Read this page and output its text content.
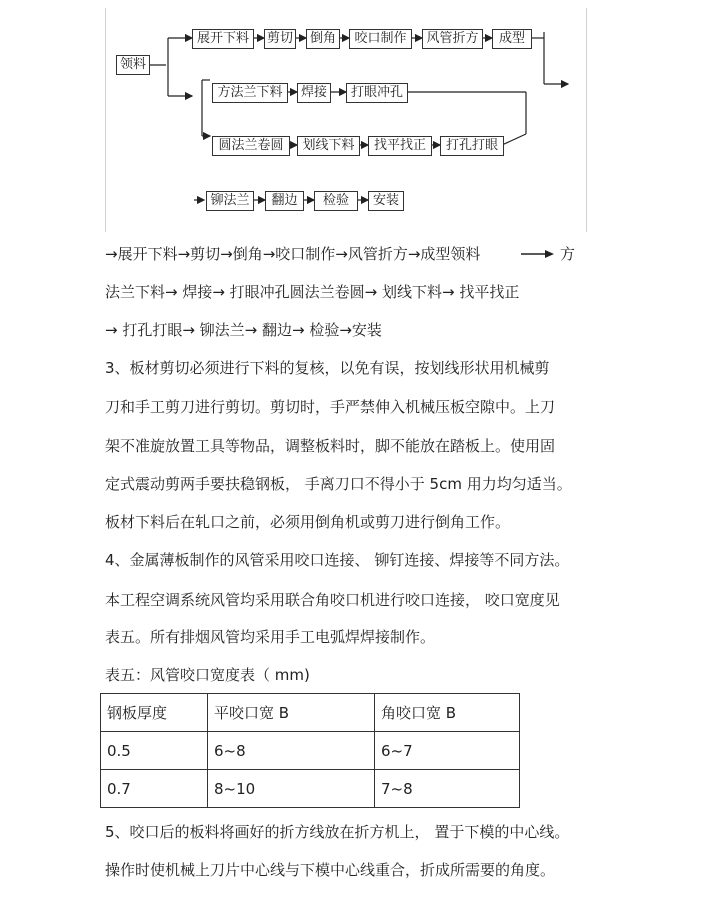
领料
展开下料	剪切	倒角	咬口制作	风管折方	成型
方法兰下料	焊接	打眼冲孔
圆法兰卷圆	划线下料	找平找正	打孔打眼
铆法兰	翻边	检验	安装
→展开下料→剪切→倒角→咬口制作→风管折方→成型领料	方
法兰下料→ 焊接→ 打眼冲孔圆法兰卷圆→ 划线下料→ 找平找正
→ 打孔打眼→ 铆法兰→ 翻边→ 检验→安装
3、板材剪切必须进行下料的复核，以免有误，按划线形状用机械剪
刀和手工剪刀进行剪切。剪切时，手严禁伸入机械压板空隙中。上刀
架不准旋放置工具等物品，调整板料时，脚不能放在踏板上。使用固
定式震动剪两手要扶稳钢板， 手离刀口不得小于 5cm 用力均匀适当。
板材下料后在轧口之前，必须用倒角机或剪刀进行倒角工作。
4、金属薄板制作的风管采用咬口连接、 铆钉连接、焊接等不同方法。
本工程空调系统风管均采用联合角咬口机进行咬口连接， 咬口宽度见
表五。所有排烟风管均采用手工电弧焊焊接制作。
表五：风管咬口宽度表（ mm)
钢板厚度	平咬口宽 B	角咬口宽 B
0.5	6~8	6~7
0.7	8~10	7~8
5、咬口后的板料将画好的折方线放在折方机上， 置于下模的中心线。
操作时使机械上刀片中心线与下模中心线重合，折成所需要的角度。
